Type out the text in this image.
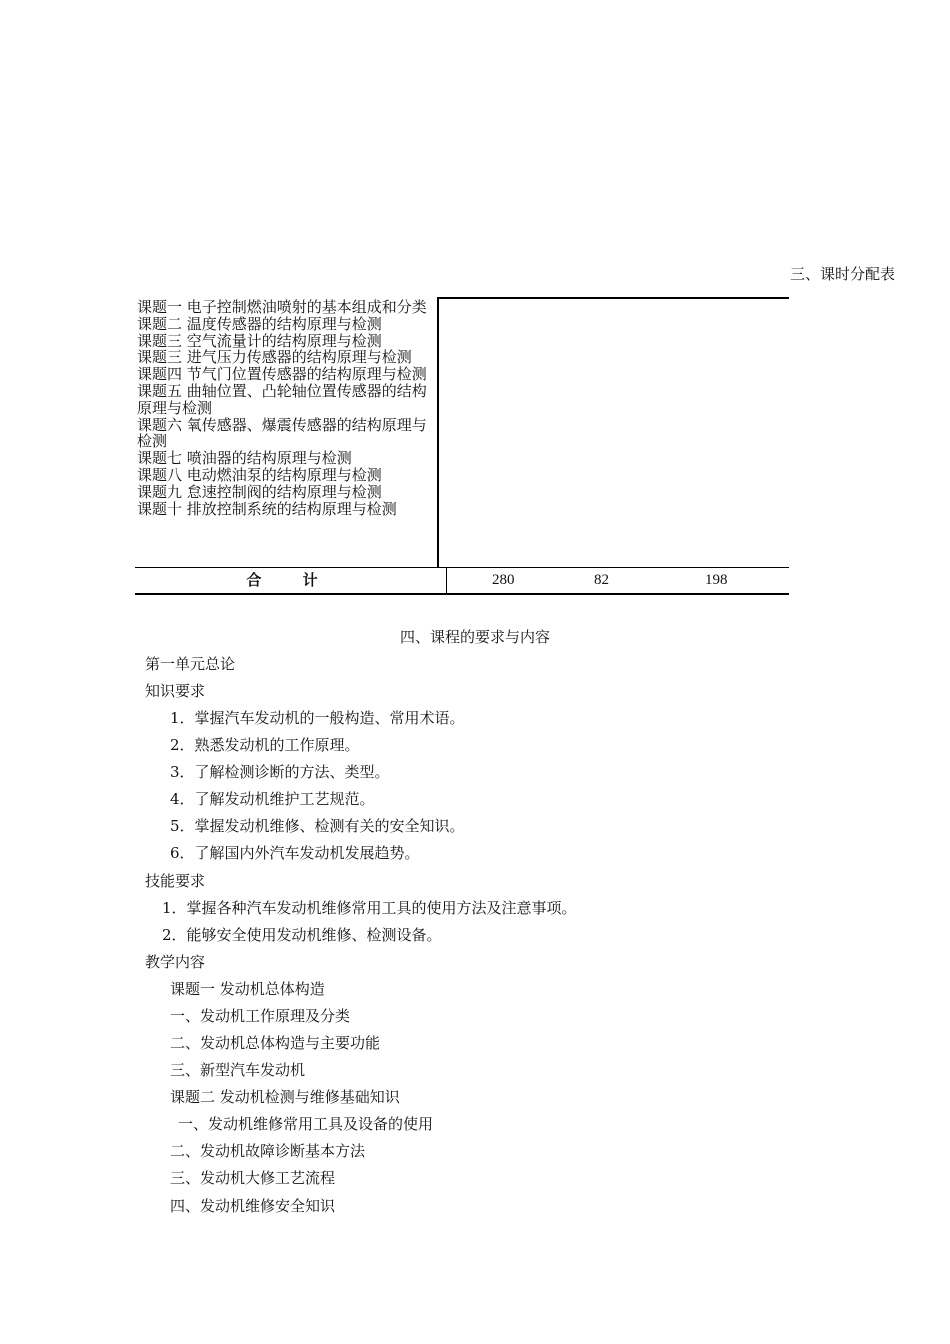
三、课时分配表
课题一 电子控制燃油喷射的基本组成和分类
课题二 温度传感器的结构原理与检测
课题三 空气流量计的结构原理与检测
课题三 进气压力传感器的结构原理与检测
课题四 节气门位置传感器的结构原理与检测
课题五 曲轴位置、凸轮轴位置传感器的结构原理与检测
课题六 氧传感器、爆震传感器的结构原理与检测
课题七 喷油器的结构原理与检测
课题八 电动燃油泵的结构原理与检测
课题九 怠速控制阀的结构原理与检测
课题十 排放控制系统的结构原理与检测
合 计	280	82	198
四、课程的要求与内容
第一单元总论
知识要求
1．掌握汽车发动机的一般构造、常用术语。
2．熟悉发动机的工作原理。
3．了解检测诊断的方法、类型。
4．了解发动机维护工艺规范。
5．掌握发动机维修、检测有关的安全知识。
6．了解国内外汽车发动机发展趋势。
技能要求
1．掌握各种汽车发动机维修常用工具的使用方法及注意事项。
2．能够安全使用发动机维修、检测设备。
教学内容
课题一 发动机总体构造
一、发动机工作原理及分类
二、发动机总体构造与主要功能
三、新型汽车发动机
课题二 发动机检测与维修基础知识
一、发动机维修常用工具及设备的使用
二、发动机故障诊断基本方法
三、发动机大修工艺流程
四、发动机维修安全知识
